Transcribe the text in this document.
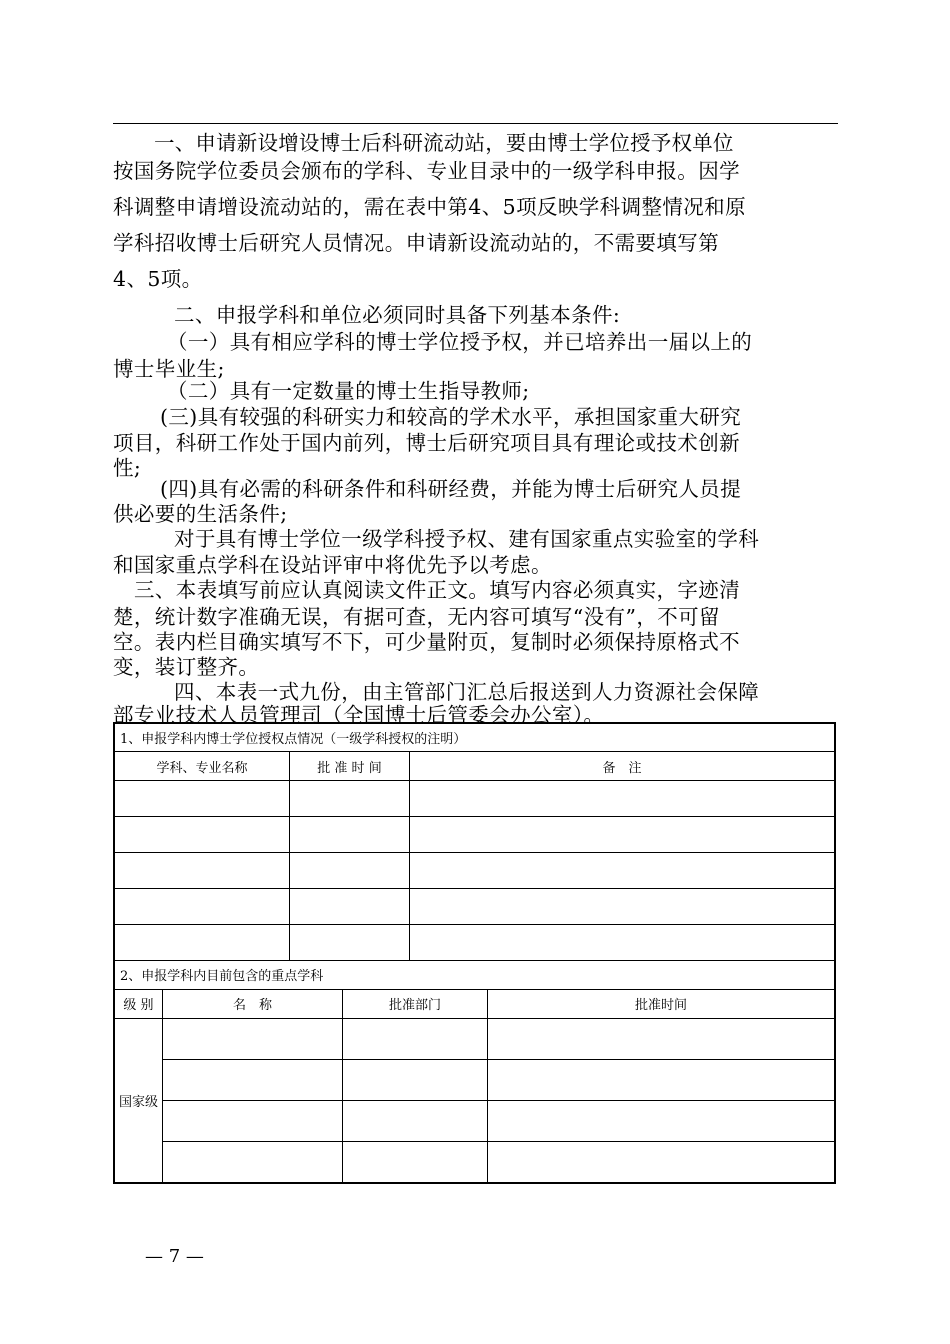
一、申请新设增设博士后科研流动站，要由博士学位授予权单位
按国务院学位委员会颁布的学科、专业目录中的一级学科申报。因学
科调整申请增设流动站的，需在表中第4、5项反映学科调整情况和原
学科招收博士后研究人员情况。申请新设流动站的，不需要填写第
4、5项。
二、申报学科和单位必须同时具备下列基本条件:
（一）具有相应学科的博士学位授予权，并已培养出一届以上的
博士毕业生;
（二）具有一定数量的博士生指导教师;
(三)具有较强的科研实力和较高的学术水平，承担国家重大研究
项目，科研工作处于国内前列，博士后研究项目具有理论或技术创新
性;
(四)具有必需的科研条件和科研经费，并能为博士后研究人员提
供必要的生活条件;
对于具有博士学位一级学科授予权、建有国家重点实验室的学科
和国家重点学科在设站评审中将优先予以考虑。
三、本表填写前应认真阅读文件正文。填写内容必须真实，字迹清
楚，统计数字准确无误，有据可查，无内容可填写“没有”，不可留
空。表内栏目确实填写不下，可少量附页，复制时必须保持原格式不
变，装订整齐。
四、本表一式九份，由主管部门汇总后报送到人力资源社会保障
部专业技术人员管理司（全国博士后管委会办公室）。
1、申报学科内博士学位授权点情况（一级学科授权的注明）		
学科、专业名称	批 准 时 间	备　注

2、申报学科内目前包含的重点学科			
级 别	名　称	批准部门	批准时间
国家级			

— 7 —
